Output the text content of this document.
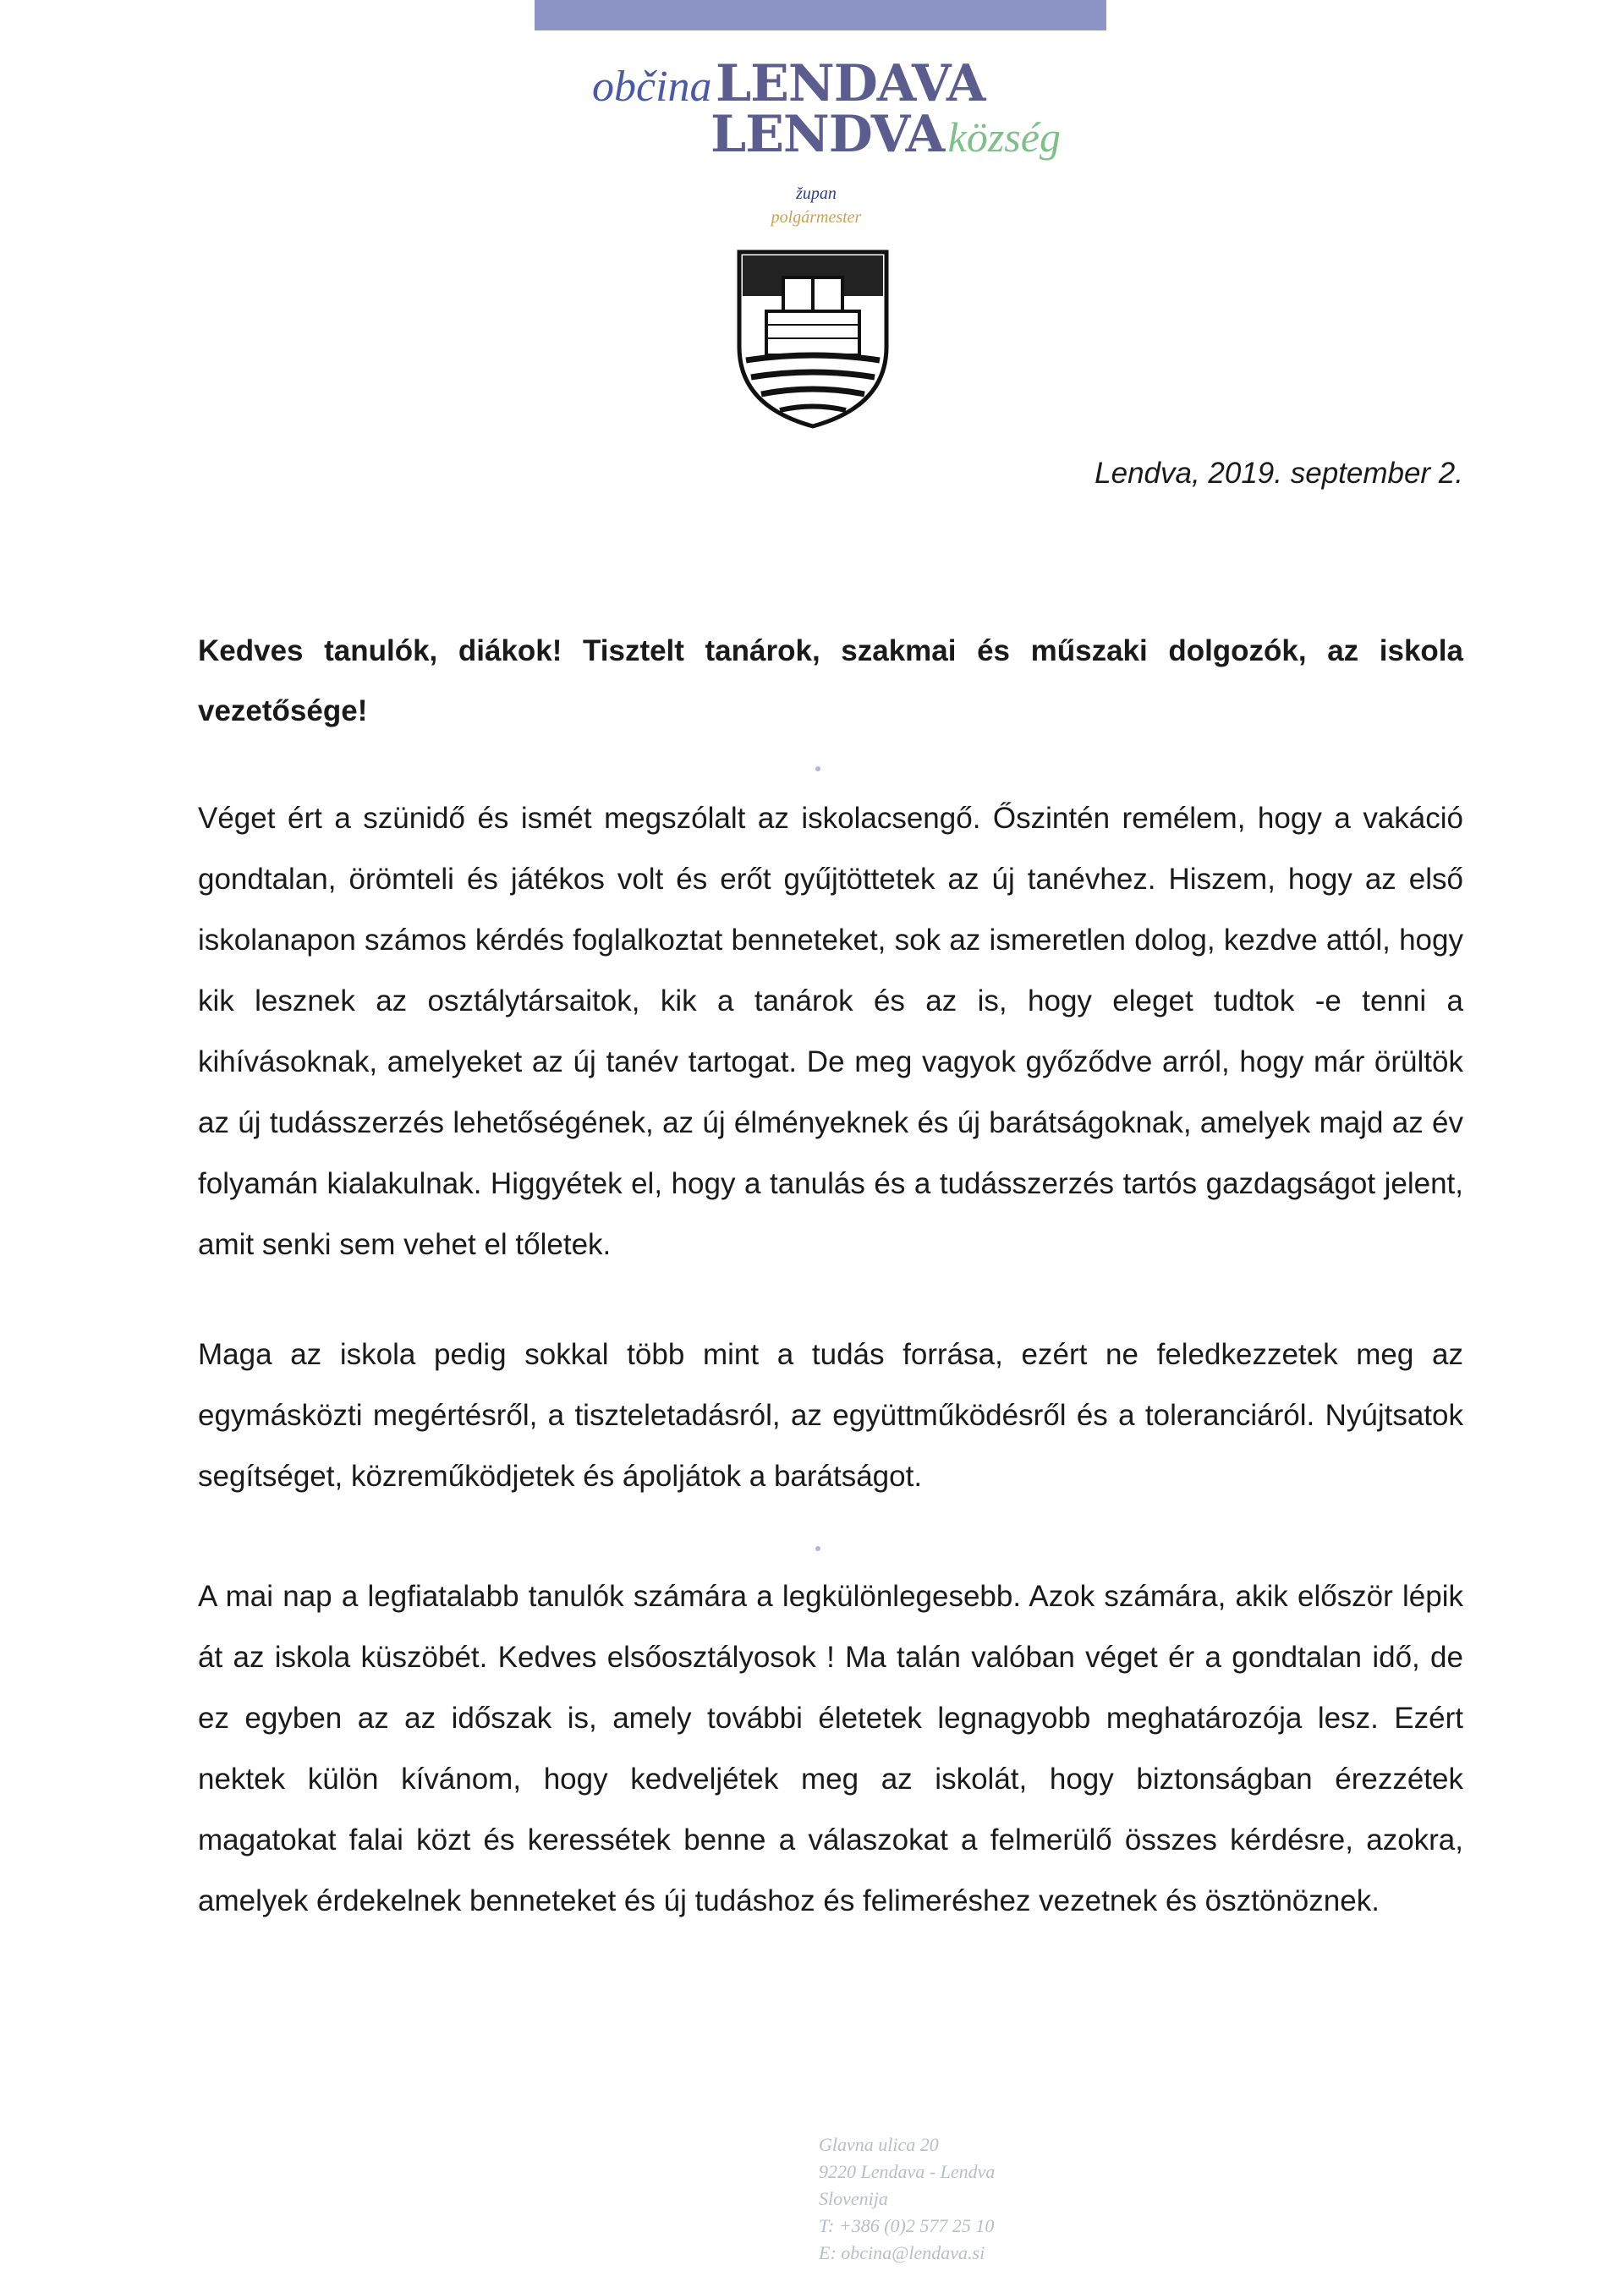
občina LENDAVA
LENDVA község
župan
polgármester
Lendva, 2019. september 2.
Kedves tanulók, diákok! Tisztelt tanárok, szakmai és műszaki dolgozók, az iskola vezetősége!
Véget ért a szünidő és ismét megszólalt az iskolacsengő. Őszintén remélem, hogy a vakáció gondtalan, örömteli és játékos volt és erőt gyűjtöttetek az új tanévhez. Hiszem, hogy az első iskolanapon számos kérdés foglalkoztat benneteket, sok az ismeretlen dolog, kezdve attól, hogy kik lesznek az osztálytársaitok, kik a tanárok és az is, hogy eleget tudtok -e tenni a kihívásoknak, amelyeket az új tanév tartogat. De meg vagyok győződve arról, hogy már örültök az új tudásszerzés lehetőségének, az új élményeknek és új barátságoknak, amelyek majd az év folyamán kialakulnak. Higgyétek el, hogy a tanulás és a tudásszerzés tartós gazdagságot jelent, amit senki sem vehet el tőletek.
Maga az iskola pedig sokkal több mint a tudás forrása, ezért ne feledkezzetek meg az egymásközti megértésről, a tiszteletadásról, az együttműködésről és a toleranciáról. Nyújtsatok segítséget, közreműködjetek és ápoljátok a barátságot.
A mai nap a legfiatalabb tanulók számára a legkülönlegesebb. Azok számára, akik először lépik át az iskola küszöbét. Kedves elsőosztályosok ! Ma talán valóban véget ér a gondtalan idő, de ez egyben az az időszak is, amely további életetek legnagyobb meghatározója lesz. Ezért nektek külön kívánom, hogy kedveljétek meg az iskolát, hogy biztonságban érezzétek magatokat falai közt és keressétek benne a válaszokat a felmerülő összes kérdésre, azokra, amelyek érdekelnek benneteket és új tudáshoz és felimeréshez vezetnek és ösztönöznek.
Glavna ulica 20
9220 Lendava - Lendva
Slovenija
T: +386 (0)2 577 25 10
E: obcina@lendava.si
